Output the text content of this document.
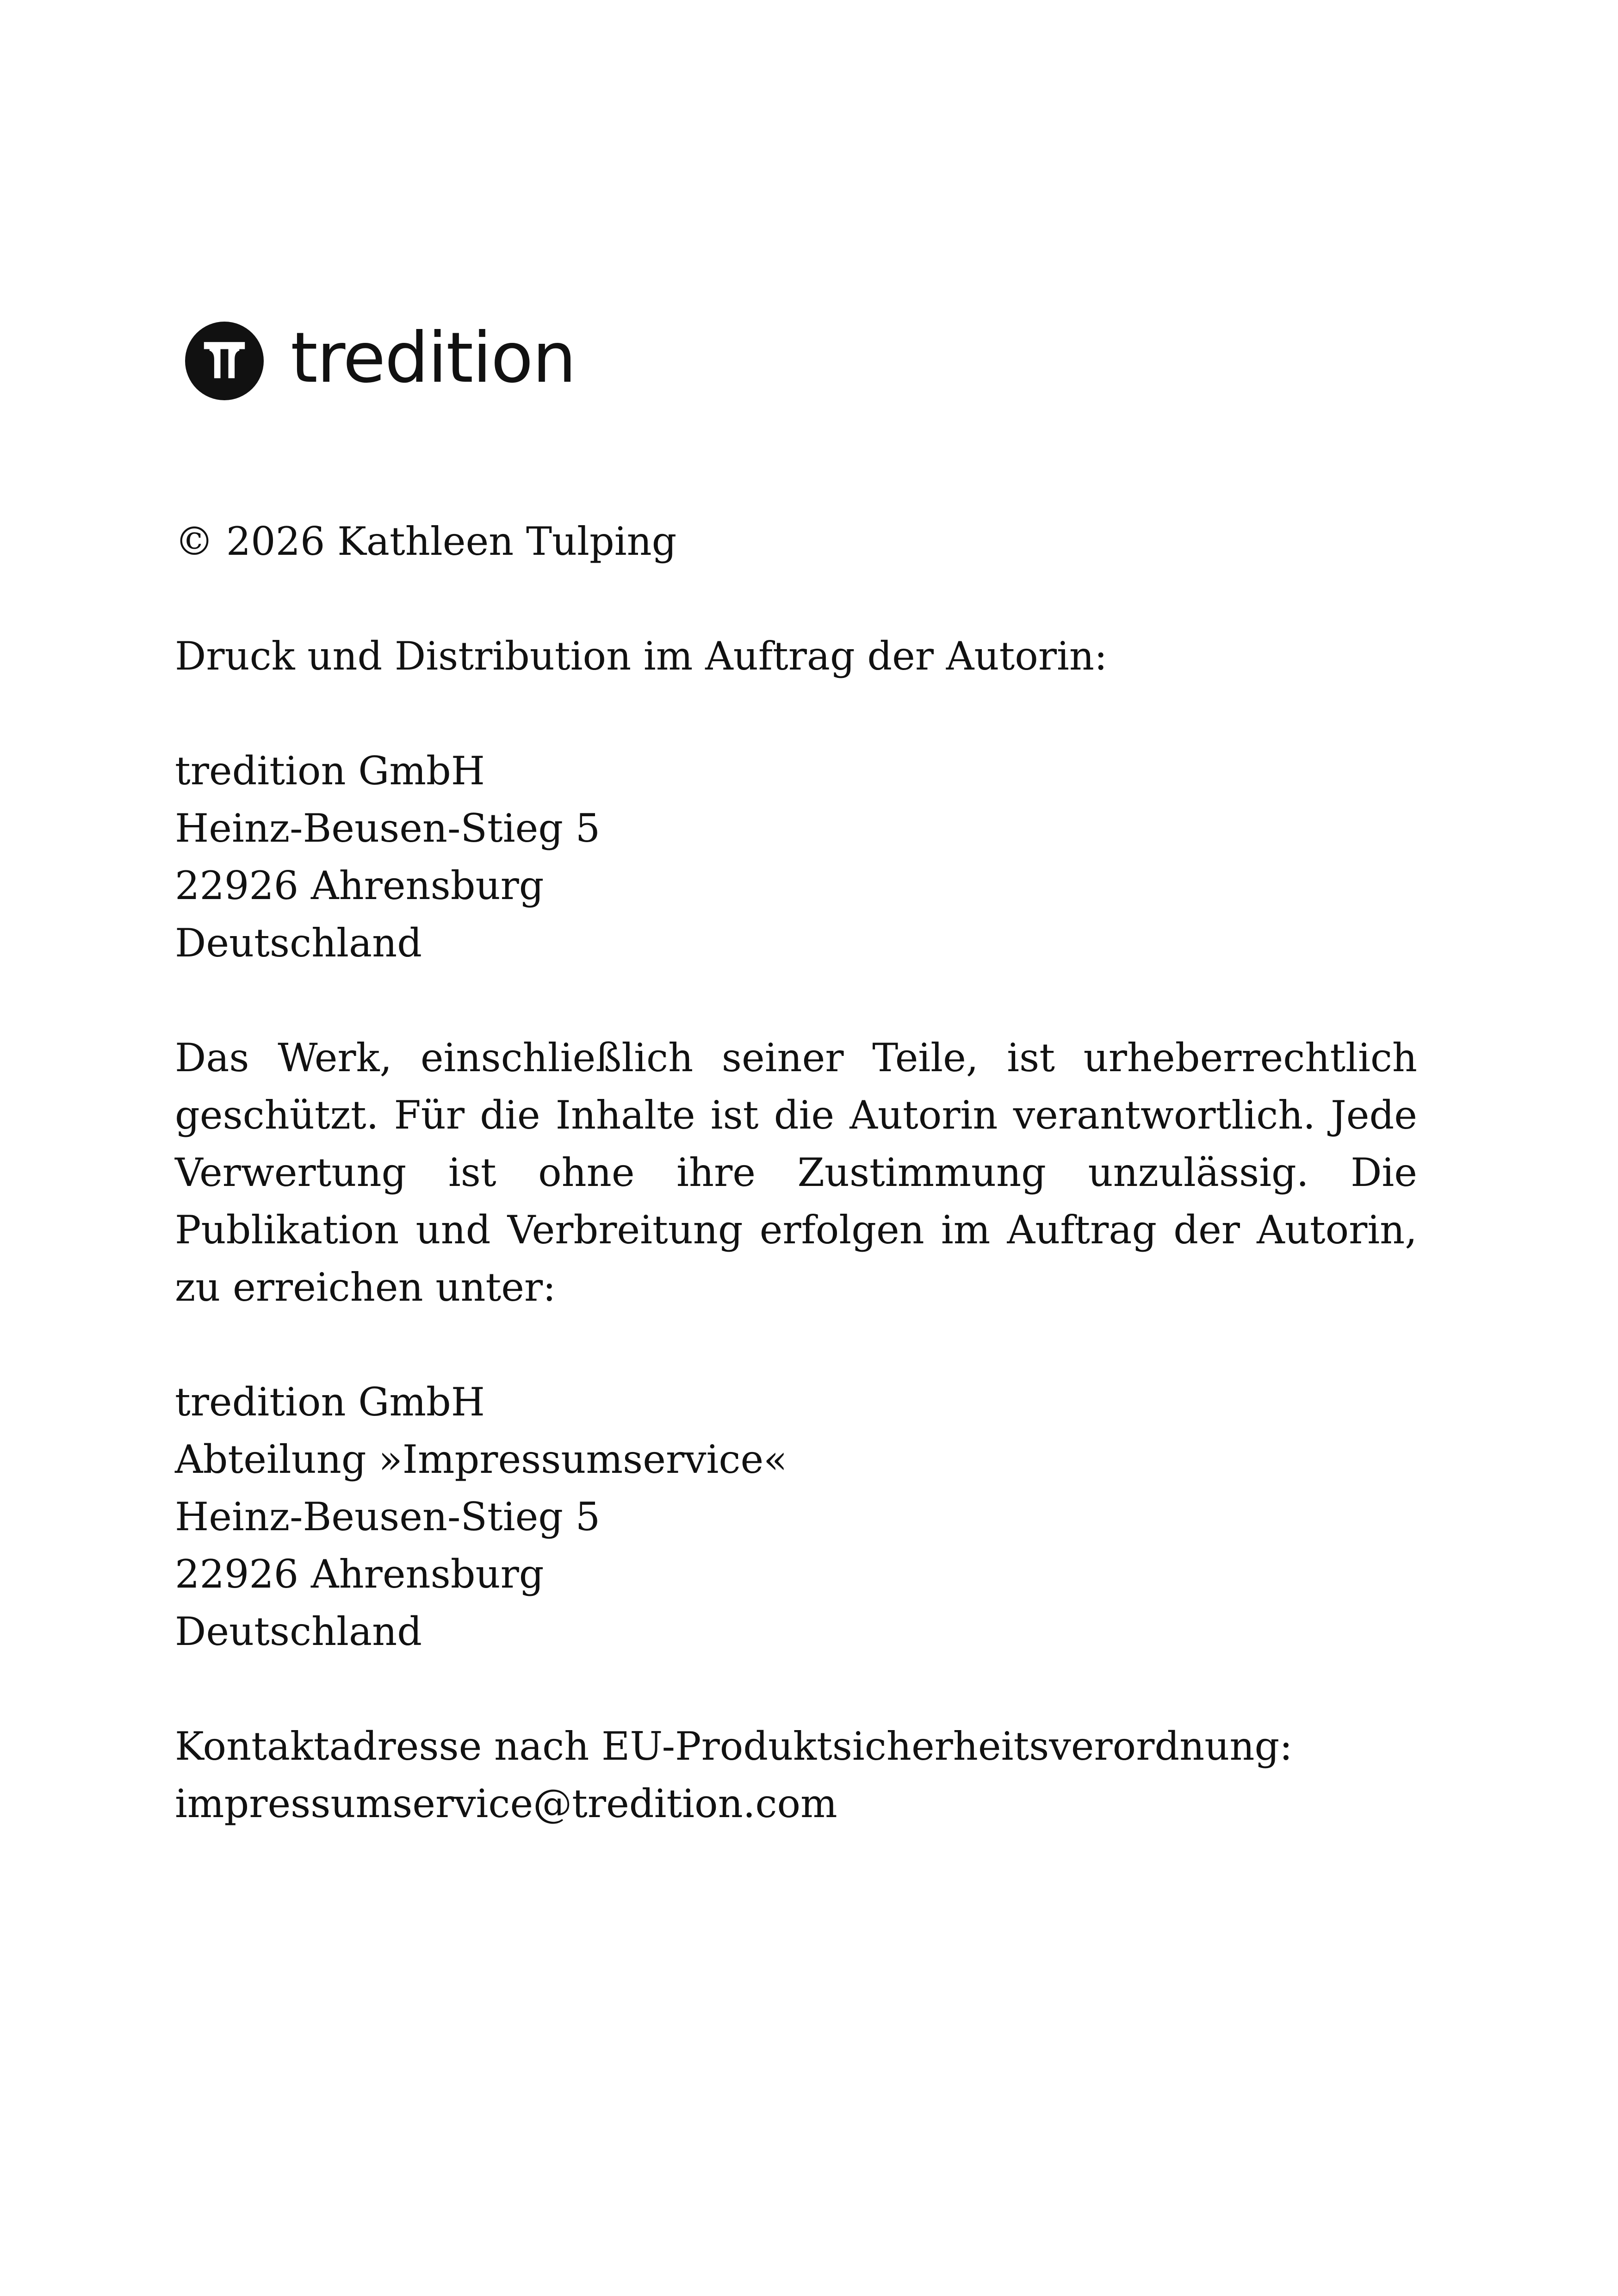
tredition
© 2026 Kathleen Tulping
Druck und Distribution im Auftrag der Autorin:
tredition GmbH
Heinz-Beusen-Stieg 5
22926 Ahrensburg
Deutschland
Das Werk, einschließlich seiner Teile, ist urheberrechtlich geschützt. Für die Inhalte ist die Autorin verantwortlich. Jede Verwertung ist ohne ihre Zustimmung unzulässig. Die Publikation und Verbreitung erfolgen im Auftrag der Autorin, zu erreichen unter:
tredition GmbH
Abteilung »Impressumservice«
Heinz-Beusen-Stieg 5
22926 Ahrensburg
Deutschland
Kontaktadresse nach EU-Produktsicherheitsverordnung:
impressumservice@tredition.com
